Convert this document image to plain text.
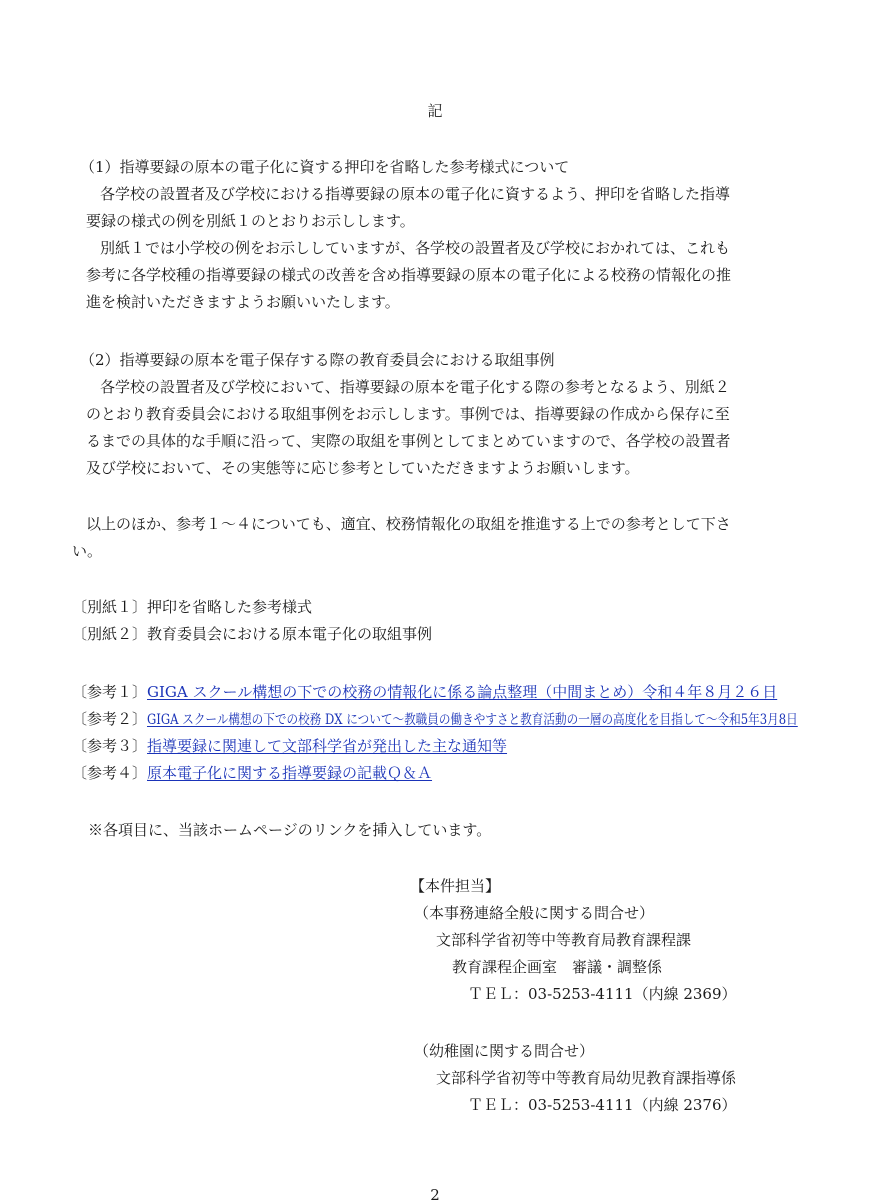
記
（1）指導要録の原本の電子化に資する押印を省略した参考様式について
各学校の設置者及び学校における指導要録の原本の電子化に資するよう、押印を省略した指導
要録の様式の例を別紙１のとおりお示しします。
別紙１では小学校の例をお示ししていますが、各学校の設置者及び学校におかれては、これも
参考に各学校種の指導要録の様式の改善を含め指導要録の原本の電子化による校務の情報化の推
進を検討いただきますようお願いいたします。
（2）指導要録の原本を電子保存する際の教育委員会における取組事例
各学校の設置者及び学校において、指導要録の原本を電子化する際の参考となるよう、別紙２
のとおり教育委員会における取組事例をお示しします。事例では、指導要録の作成から保存に至
るまでの具体的な手順に沿って、実際の取組を事例としてまとめていますので、各学校の設置者
及び学校において、その実態等に応じ参考としていただきますようお願いします。
以上のほか、参考１～４についても、適宜、校務情報化の取組を推進する上での参考として下さ
い。
〔別紙１〕押印を省略した参考様式
〔別紙２〕教育委員会における原本電子化の取組事例
〔参考１〕GIGA スクール構想の下での校務の情報化に係る論点整理（中間まとめ）令和４年８月２６日
〔参考２〕GIGA スクール構想の下での校務 DX について～教職員の働きやすさと教育活動の一層の高度化を目指して～令和5年3月8日
〔参考３〕指導要録に関連して文部科学省が発出した主な通知等
〔参考４〕原本電子化に関する指導要録の記載Ｑ＆Ａ
※各項目に、当該ホームページのリンクを挿入しています。
【本件担当】
（本事務連絡全般に関する問合せ）
文部科学省初等中等教育局教育課程課
教育課程企画室　審議・調整係
ＴＥＬ：03-5253-4111（内線 2369）
（幼稚園に関する問合せ）
文部科学省初等中等教育局幼児教育課指導係
ＴＥＬ：03-5253-4111（内線 2376）
2
